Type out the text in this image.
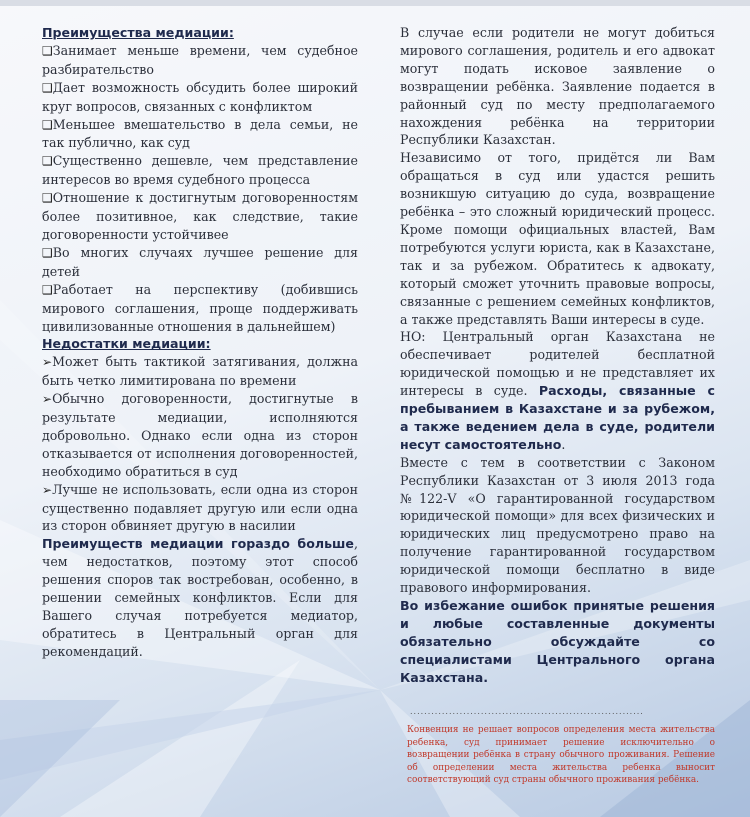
Преимущества медиации:

❑Занимает меньше времени, чем судебное разбирательство

❑Дает возможность обсудить более широкий круг вопросов, связанных с конфликтом

❑Меньшее вмешательство в дела семьи, не так публично, как суд

❑Существенно дешевле, чем представление интересов во время судебного процесса

❑Отношение к достигнутым договоренностям более позитивное, как следствие, такие договоренности устойчивее

❑Во многих случаях лучшее решение для детей

❑Работает на перспективу (добившись мирового соглашения, проще поддерживать цивилизованные отношения в дальнейшем)

Недостатки медиации:

➢Может быть тактикой затягивания, должна быть четко лимитирована по времени

➢Обычно договоренности, достигнутые в результате медиации, исполняются добровольно. Однако если одна из сторон отказывается от исполнения договоренностей, необходимо обратиться в суд

➢Лучше не использовать, если одна из сторон существенно подавляет другую или если одна из сторон обвиняет другую в насилии

Преимуществ медиации гораздо больше, чем недостатков, поэтому этот способ решения споров так востребован, особенно, в решении семейных конфликтов. Если для Вашего случая потребуется медиатор, обратитесь в Центральный орган для рекомендаций.

В случае если родители не могут добиться мирового соглашения, родитель и его адвокат могут подать исковое заявление о возвращении ребёнка. Заявление подается в районный суд по месту предполагаемого нахождения ребёнка на территории Республики Казахстан.

Независимо от того, придётся ли Вам обращаться в суд или удастся решить возникшую ситуацию до суда, возвращение ребёнка – это сложный юридический процесс. Кроме помощи официальных властей, Вам потребуются услуги юриста, как в Казахстане, так и за рубежом. Обратитесь к адвокату, который сможет уточнить правовые вопросы, связанные с решением семейных конфликтов, а также представлять Ваши интересы в суде.

НО: Центральный орган Казахстана не обеспечивает родителей бесплатной юридической помощью и не представляет их интересы в суде. Расходы, связанные с пребыванием в Казахстане и за рубежом, а также ведением дела в суде, родители несут самостоятельно.

Вместе с тем в соответствии с Законом Республики Казахстан от 3 июля 2013 года №122-V «О гарантированной государством юридической помощи» для всех физических и юридических лиц предусмотрено право на получение гарантированной государством юридической помощи бесплатно в виде правового информирования.

Во избежание ошибок принятые решения и любые составленные документы обязательно обсуждайте со специалистами Центрального органа Казахстана.

..................................................................

Конвенция не решает вопросов определения места жительства ребенка, суд принимает решение исключительно о возвращении ребёнка в страну обычного проживания. Решение об определении места жительства ребенка выносит соответствующий суд страны обычного проживания ребёнка.
